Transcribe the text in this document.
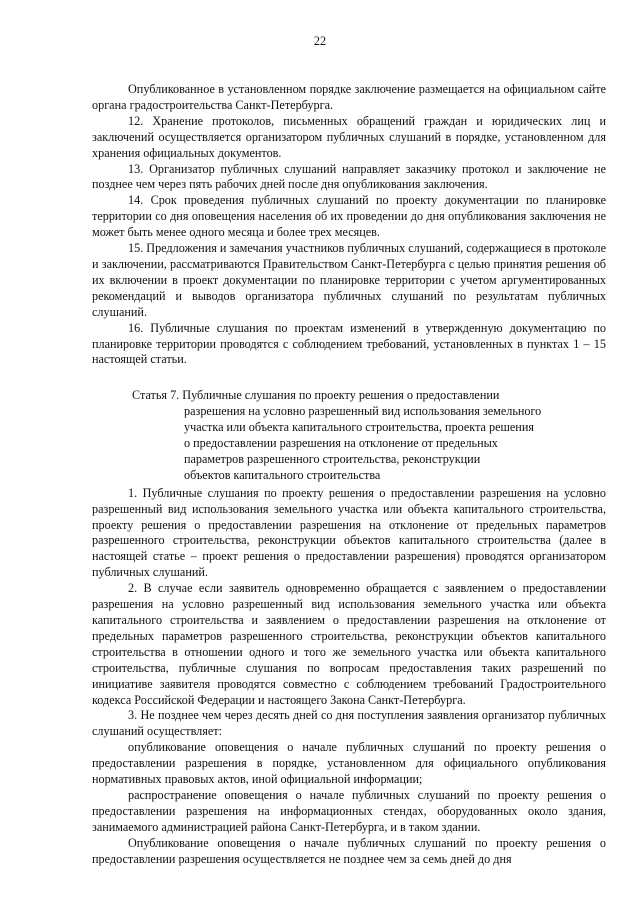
22

Опубликованное в установленном порядке заключение размещается на официальном сайте органа градостроительства Санкт-Петербурга.

12. Хранение протоколов, письменных обращений граждан и юридических лиц и заключений осуществляется организатором публичных слушаний в порядке, установленном для хранения официальных документов.

13. Организатор публичных слушаний направляет заказчику протокол и заключение не позднее чем через пять рабочих дней после дня опубликования заключения.

14. Срок проведения публичных слушаний по проекту документации по планировке территории со дня оповещения населения об их проведении до дня опубликования заключения не может быть менее одного месяца и более трех месяцев.

15. Предложения и замечания участников публичных слушаний, содержащиеся в протоколе и заключении, рассматриваются Правительством Санкт-Петербурга с целью принятия решения об их включении в проект документации по планировке территории с учетом аргументированных рекомендаций и выводов организатора публичных слушаний по результатам публичных слушаний.

16. Публичные слушания по проектам изменений в утвержденную документацию по планировке территории проводятся с соблюдением требований, установленных в пунктах 1 – 15 настоящей статьи.

Статья 7. Публичные слушания по проекту решения о предоставлении
разрешения на условно разрешенный вид использования земельного
участка или объекта капитального строительства, проекта решения
о предоставлении разрешения на отклонение от предельных
параметров разрешенного строительства, реконструкции
объектов капитального строительства

1. Публичные слушания по проекту решения о предоставлении разрешения на условно разрешенный вид использования земельного участка или объекта капитального строительства, проекту решения о предоставлении разрешения на отклонение от предельных параметров разрешенного строительства, реконструкции объектов капитального строительства (далее в настоящей статье – проект решения о предоставлении разрешения) проводятся организатором публичных слушаний.

2. В случае если заявитель одновременно обращается с заявлением о предоставлении разрешения на условно разрешенный вид использования земельного участка или объекта капитального строительства и заявлением о предоставлении разрешения на отклонение от предельных параметров разрешенного строительства, реконструкции объектов капитального строительства в отношении одного и того же земельного участка или объекта капитального строительства, публичные слушания по вопросам предоставления таких разрешений по инициативе заявителя проводятся совместно с соблюдением требований Градостроительного кодекса Российской Федерации и настоящего Закона Санкт-Петербурга.

3. Не позднее чем через десять дней со дня поступления заявления организатор публичных слушаний осуществляет:

опубликование оповещения о начале публичных слушаний по проекту решения о предоставлении разрешения в порядке, установленном для официального опубликования нормативных правовых актов, иной официальной информации;

распространение оповещения о начале публичных слушаний по проекту решения о предоставлении разрешения на информационных стендах, оборудованных около здания, занимаемого администрацией района Санкт-Петербурга, и в таком здании.

Опубликование оповещения о начале публичных слушаний по проекту решения о предоставлении разрешения осуществляется не позднее чем за семь дней до дня
